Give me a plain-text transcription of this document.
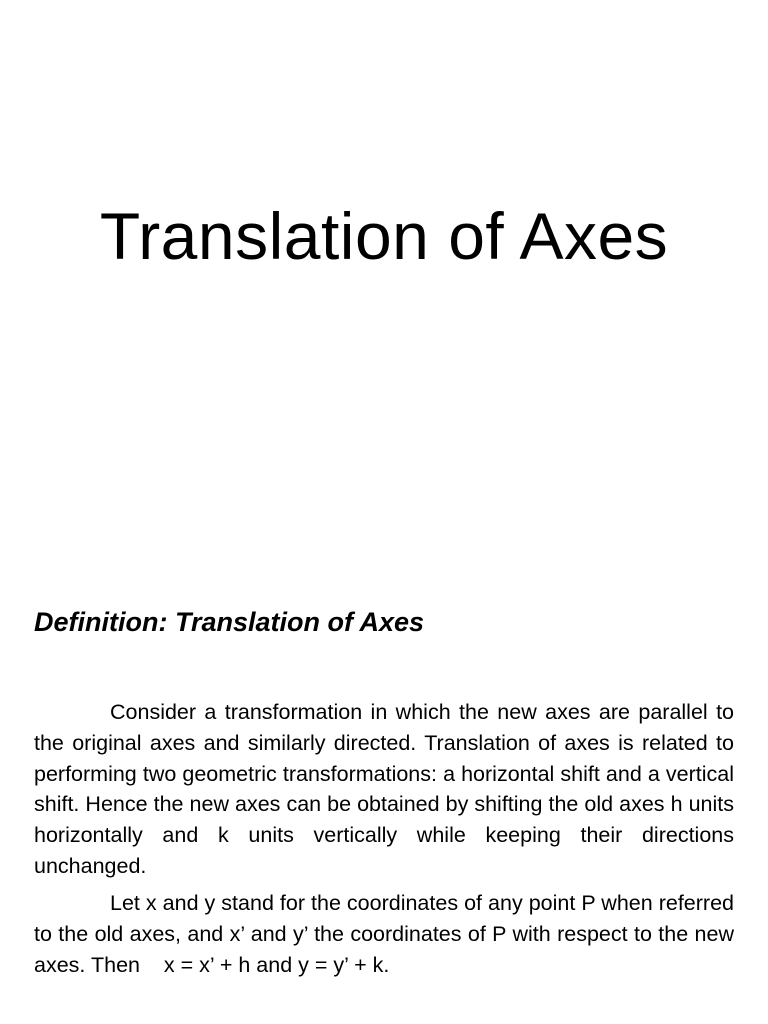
Translation of Axes
Definition: Translation of Axes

Consider a transformation in which the new axes are parallel to the original axes and similarly directed. Translation of axes is related to performing two geometric transformations: a horizontal shift and a vertical shift. Hence the new axes can be obtained by shifting the old axes h units horizontally and k units vertically while keeping their directions unchanged.

Let x and y stand for the coordinates of any point P when referred to the old axes, and x’ and y’ the coordinates of P with respect to the new axes. Then    x = x’ + h and y = y’ + k.
